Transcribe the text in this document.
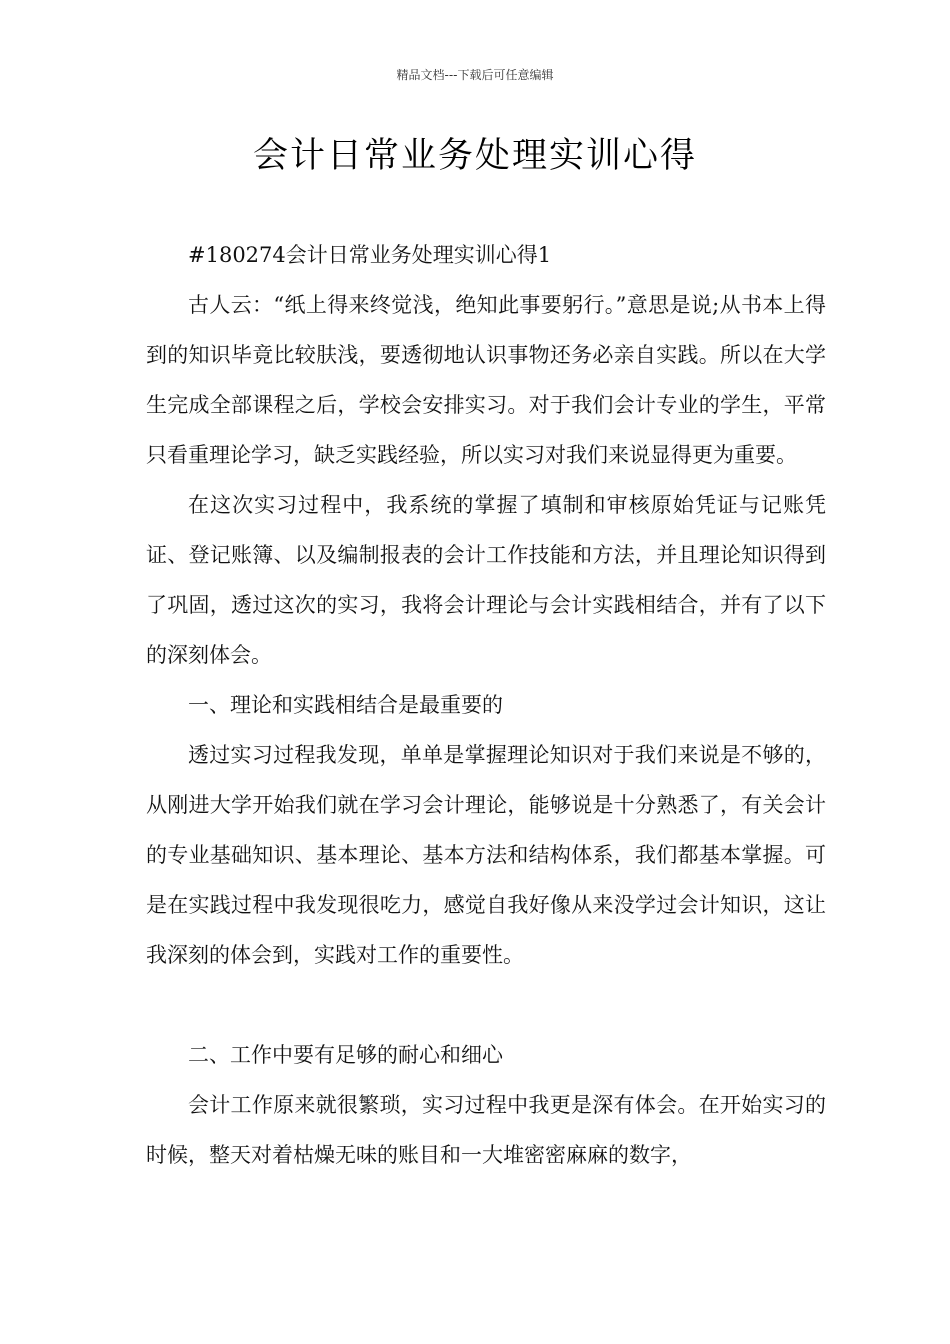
精品文档---下载后可任意编辑
会计日常业务处理实训心得

#180274会计日常业务处理实训心得1

古人云：“纸上得来终觉浅，绝知此事要躬行。”意思是说;从书本上得到的知识毕竟比较肤浅，要透彻地认识事物还务必亲自实践。所以在大学生完成全部课程之后，学校会安排实习。对于我们会计专业的学生，平常只看重理论学习，缺乏实践经验，所以实习对我们来说显得更为重要。

在这次实习过程中，我系统的掌握了填制和审核原始凭证与记账凭证、登记账簿、以及编制报表的会计工作技能和方法，并且理论知识得到了巩固，透过这次的实习，我将会计理论与会计实践相结合，并有了以下的深刻体会。

一、理论和实践相结合是最重要的

透过实习过程我发现，单单是掌握理论知识对于我们来说是不够的，从刚进大学开始我们就在学习会计理论，能够说是十分熟悉了，有关会计的专业基础知识、基本理论、基本方法和结构体系，我们都基本掌握。可是在实践过程中我发现很吃力，感觉自我好像从来没学过会计知识，这让我深刻的体会到，实践对工作的重要性。

二、工作中要有足够的耐心和细心

会计工作原来就很繁琐，实习过程中我更是深有体会。在开始实习的时候，整天对着枯燥无味的账目和一大堆密密麻麻的数字，
